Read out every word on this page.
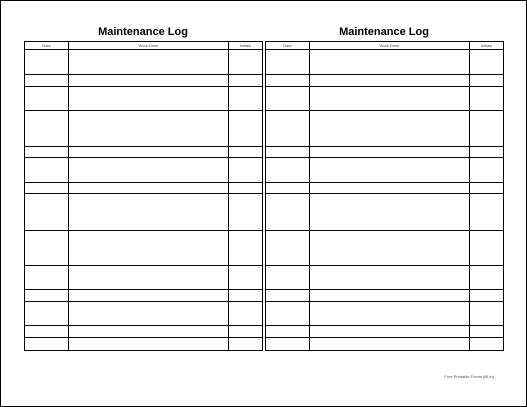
Maintenance Log
Date	Work Done	Initials

Maintenance Log
Date	Work Done	Initials

Free Printable Forms (fill-in)
